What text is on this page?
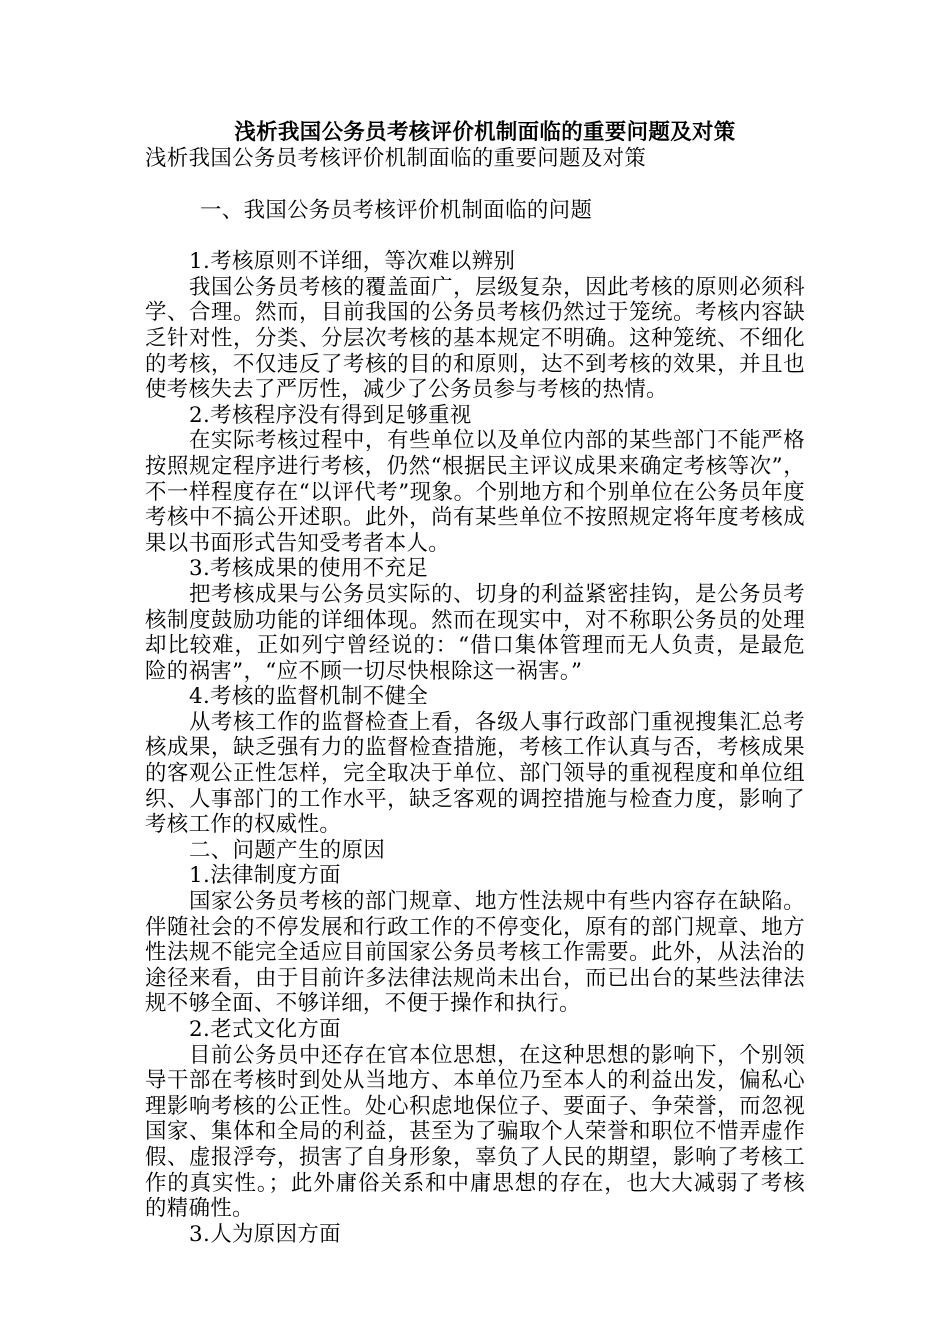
浅析我国公务员考核评价机制面临的重要问题及对策

浅析我国公务员考核评价机制面临的重要问题及对策

一、我国公务员考核评价机制面临的问题

1.考核原则不详细，等次难以辨别

我国公务员考核的覆盖面广，层级复杂，因此考核的原则必须科学、合理。然而，目前我国的公务员考核仍然过于笼统。考核内容缺乏针对性，分类、分层次考核的基本规定不明确。这种笼统、不细化的考核，不仅违反了考核的目的和原则，达不到考核的效果，并且也使考核失去了严厉性，减少了公务员参与考核的热情。

2.考核程序没有得到足够重视

在实际考核过程中，有些单位以及单位内部的某些部门不能严格按照规定程序进行考核，仍然“根据民主评议成果来确定考核等次”，不一样程度存在“以评代考”现象。个别地方和个别单位在公务员年度考核中不搞公开述职。此外，尚有某些单位不按照规定将年度考核成果以书面形式告知受考者本人。

3.考核成果的使用不充足

把考核成果与公务员实际的、切身的利益紧密挂钩，是公务员考核制度鼓励功能的详细体现。然而在现实中，对不称职公务员的处理却比较难，正如列宁曾经说的：“借口集体管理而无人负责，是最危险的祸害”，“应不顾一切尽快根除这一祸害。”

4.考核的监督机制不健全

从考核工作的监督检查上看，各级人事行政部门重视搜集汇总考核成果，缺乏强有力的监督检查措施，考核工作认真与否，考核成果的客观公正性怎样，完全取决于单位、部门领导的重视程度和单位组织、人事部门的工作水平，缺乏客观的调控措施与检查力度，影响了考核工作的权威性。

二、问题产生的原因

1.法律制度方面

国家公务员考核的部门规章、地方性法规中有些内容存在缺陷。伴随社会的不停发展和行政工作的不停变化，原有的部门规章、地方性法规不能完全适应目前国家公务员考核工作需要。此外，从法治的途径来看，由于目前许多法律法规尚未出台，而已出台的某些法律法规不够全面、不够详细，不便于操作和执行。

2.老式文化方面

目前公务员中还存在官本位思想，在这种思想的影响下，个别领导干部在考核时到处从当地方、本单位乃至本人的利益出发，偏私心理影响考核的公正性。处心积虑地保位子、要面子、争荣誉，而忽视国家、集体和全局的利益，甚至为了骗取个人荣誉和职位不惜弄虚作假、虚报浮夸，损害了自身形象，辜负了人民的期望，影响了考核工作的真实性。；此外庸俗关系和中庸思想的存在，也大大减弱了考核的精确性。

3.人为原因方面
